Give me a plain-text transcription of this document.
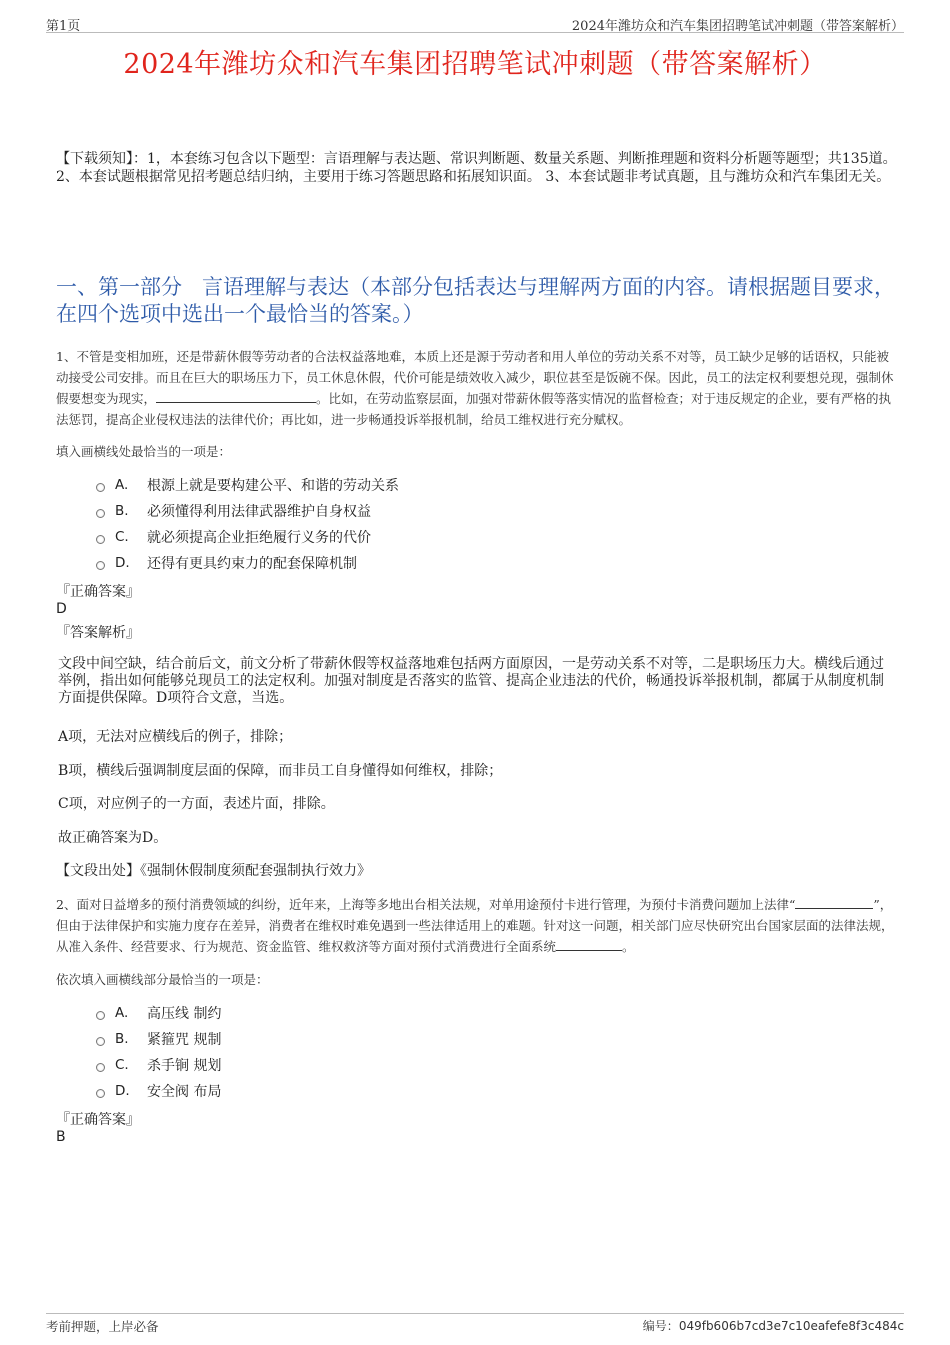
第1页	2024年潍坊众和汽车集团招聘笔试冲刺题（带答案解析）
2024年潍坊众和汽车集团招聘笔试冲刺题（带答案解析）
【下载须知】：1，本套练习包含以下题型：言语理解与表达题、常识判断题、数量关系题、判断推理题和资料分析题等题型；共135道。 2、本套试题根据常见招考题总结归纳，主要用于练习答题思路和拓展知识面。 3、本套试题非考试真题，且与潍坊众和汽车集团无关。
一、第一部分 言语理解与表达（本部分包括表达与理解两方面的内容。请根据题目要求，在四个选项中选出一个最恰当的答案。）
1、不管是变相加班，还是带薪休假等劳动者的合法权益落地难，本质上还是源于劳动者和用人单位的劳动关系不对等，员工缺少足够的话语权，只能被动接受公司安排。而且在巨大的职场压力下，员工休息休假，代价可能是绩效收入减少，职位甚至是饭碗不保。因此，员工的法定权利要想兑现，强制休假要想变为现实，	。比如，在劳动监察层面，加强对带薪休假等落实情况的监督检查；对于违反规定的企业，要有严格的执法惩罚，提高企业侵权违法的法律代价；再比如，进一步畅通投诉举报机制，给员工维权进行充分赋权。
填入画横线处最恰当的一项是：
A.	根源上就是要构建公平、和谐的劳动关系
B.	必须懂得利用法律武器维护自身权益
C.	就必须提高企业拒绝履行义务的代价
D.	还得有更具约束力的配套保障机制
『正确答案』
D
『答案解析』
文段中间空缺，结合前后文，前文分析了带薪休假等权益落地难包括两方面原因，一是劳动关系不对等，二是职场压力大。横线后通过举例，指出如何能够兑现员工的法定权利。加强对制度是否落实的监管、提高企业违法的代价，畅通投诉举报机制，都属于从制度机制方面提供保障。D项符合文意，当选。
A项，无法对应横线后的例子，排除；
B项，横线后强调制度层面的保障，而非员工自身懂得如何维权，排除；
C项，对应例子的一方面，表述片面，排除。
故正确答案为D。
【文段出处】《强制休假制度须配套强制执行效力》
2、面对日益增多的预付消费领域的纠纷，近年来，上海等多地出台相关法规，对单用途预付卡进行管理，为预付卡消费问题加上法律“	”，但由于法律保护和实施力度存在差异，消费者在维权时难免遇到一些法律适用上的难题。针对这一问题，相关部门应尽快研究出台国家层面的法律法规，从准入条件、经营要求、行为规范、资金监管、维权救济等方面对预付式消费进行全面系统	。
依次填入画横线部分最恰当的一项是：
A.	高压线 制约
B.	紧箍咒 规制
C.	杀手锏 规划
D.	安全阀 布局
『正确答案』
B
考前押题，上岸必备	编号：049fb606b7cd3e7c10eafefe8f3c484c
